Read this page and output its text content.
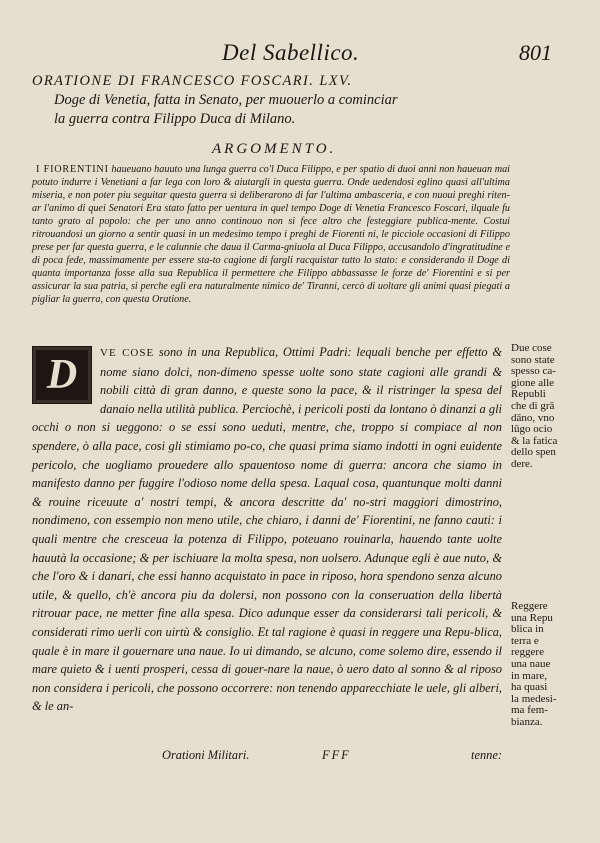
Del Sabellico.	801
ORATIONE DI FRANCESCO FOSCARI. LXV.
Doge di Venetia, fatta in Senato, per muouerlo a cominciar
la guerra contra Filippo Duca di Milano.
ARGOMENTO.

I FIORENTINI haueuano hauuto una lunga guerra co'l Duca Filippo, e per spatio di duoi anni non haueuan mai potuto indurre i Venetiani a far lega con loro & aiutargli in questa guerra. Onde uedendosi eglino quasi all'ultima miseria, e non poter piu seguitar questa guerra si deliberarono di far l'ultima ambasceria, e con nuoui preghi riten-ar l'animo di quei Senatori Era stato fatto per uentura in quel tempo Doge di Venetia Francesco Foscari, ilquale fu tanto grato al popolo: che per uno anno continouo non si fece altro che festeggiare publica-mente. Costui ritrouandosi un giorno a sentir quasi in un medesimo tempo i preghi de Fiorenti ni, le picciole occasioni di Filippo prese per far questa guerra, e le calunnie che daua il Carma-gniuola al Duca Filippo, accusandolo d'ingratitudine e di poca fede, massimamente per essere sta-to cagione di fargli racquistar tutto lo stato: e considerando il Doge di quanta importanza fosse alla sua Republica il permettere che Filippo abbassasse le forze de' Fiorentini e si per assicurar la sua patria, si perche egli era naturalmente nimico de' Tiranni, cercò di uoltare gli animi quasi piegati a pigliar la guerra, con questa Oratione.

D	VE COSE sono in una Republica, Ottimi Padri: lequali benche per effetto & nome siano dolci, non-dimeno spesse uolte sono state cagioni alle grandi & nobili città di gran danno, e queste sono la pace, & il ristringer la spesa del danaio nella utilità publica. Perciochè, i pericoli posti da lontano ò dinanzi a gli occhi o non si ueggono: o se essi sono ueduti, mentre, che, troppo si compiace al non spendere, ò alla pace, cosi gli stimiamo po-co, che quasi prima siamo indotti in ogni euidente pericolo, che uogliamo prouedere allo spauentoso nome di guerra: ancora che siamo in manifesto danno per fuggire l'odioso nome della spesa. Laqual cosa, quantunque molti danni & rouine riceuute a' nostri tempi, & ancora descritte da' no-stri maggiori dimostrino, nondimeno, con essempio non meno utile, che chiaro, i danni de' Fiorentini, ne fanno cauti: i quali mentre che cresceua la potenza di Filippo, poteuano rouinarla, hauendo tante uolte hauutà la occasione; & per ischiuare la molta spesa, non uolsero. Adunque egli è aue nuto, & che l'oro & i danari, che essi hanno acquistato in pace in riposo, hora spendono senza alcuno utile, & quello, ch'è ancora piu da dolersi, non possono con la conseruation della libertà ritrouar pace, ne metter fine alla spesa. Dico adunque esser da considerarsi tali pericoli, & considerati rimo uerli con uirtù & consiglio. Et tal ragione è quasi in reggere una Repu-blica, quale è in mare il gouernare una naue. Io ui dimando, se alcuno, come solemo dire, essendo il mare quieto & i uenti prosperi, cessa di gouer-nare la naue, ò uero dato al sonno & al riposo non considera i pericoli, che possono occorrere: non tenendo apparecchiate le uele, gli alberi, & le an-

Due cose
sono state
spesso ca-
gione alle
Republi
che di grā
dāno, vno
lūgo ocio
& la fatica
dello spen
dere.

Reggere
una Repu
blica in
terra e
reggere
una naue
in mare,
ha quasi
la medesi-
ma fem-
bianza.

Orationi Militari.	FFF	tenne:
